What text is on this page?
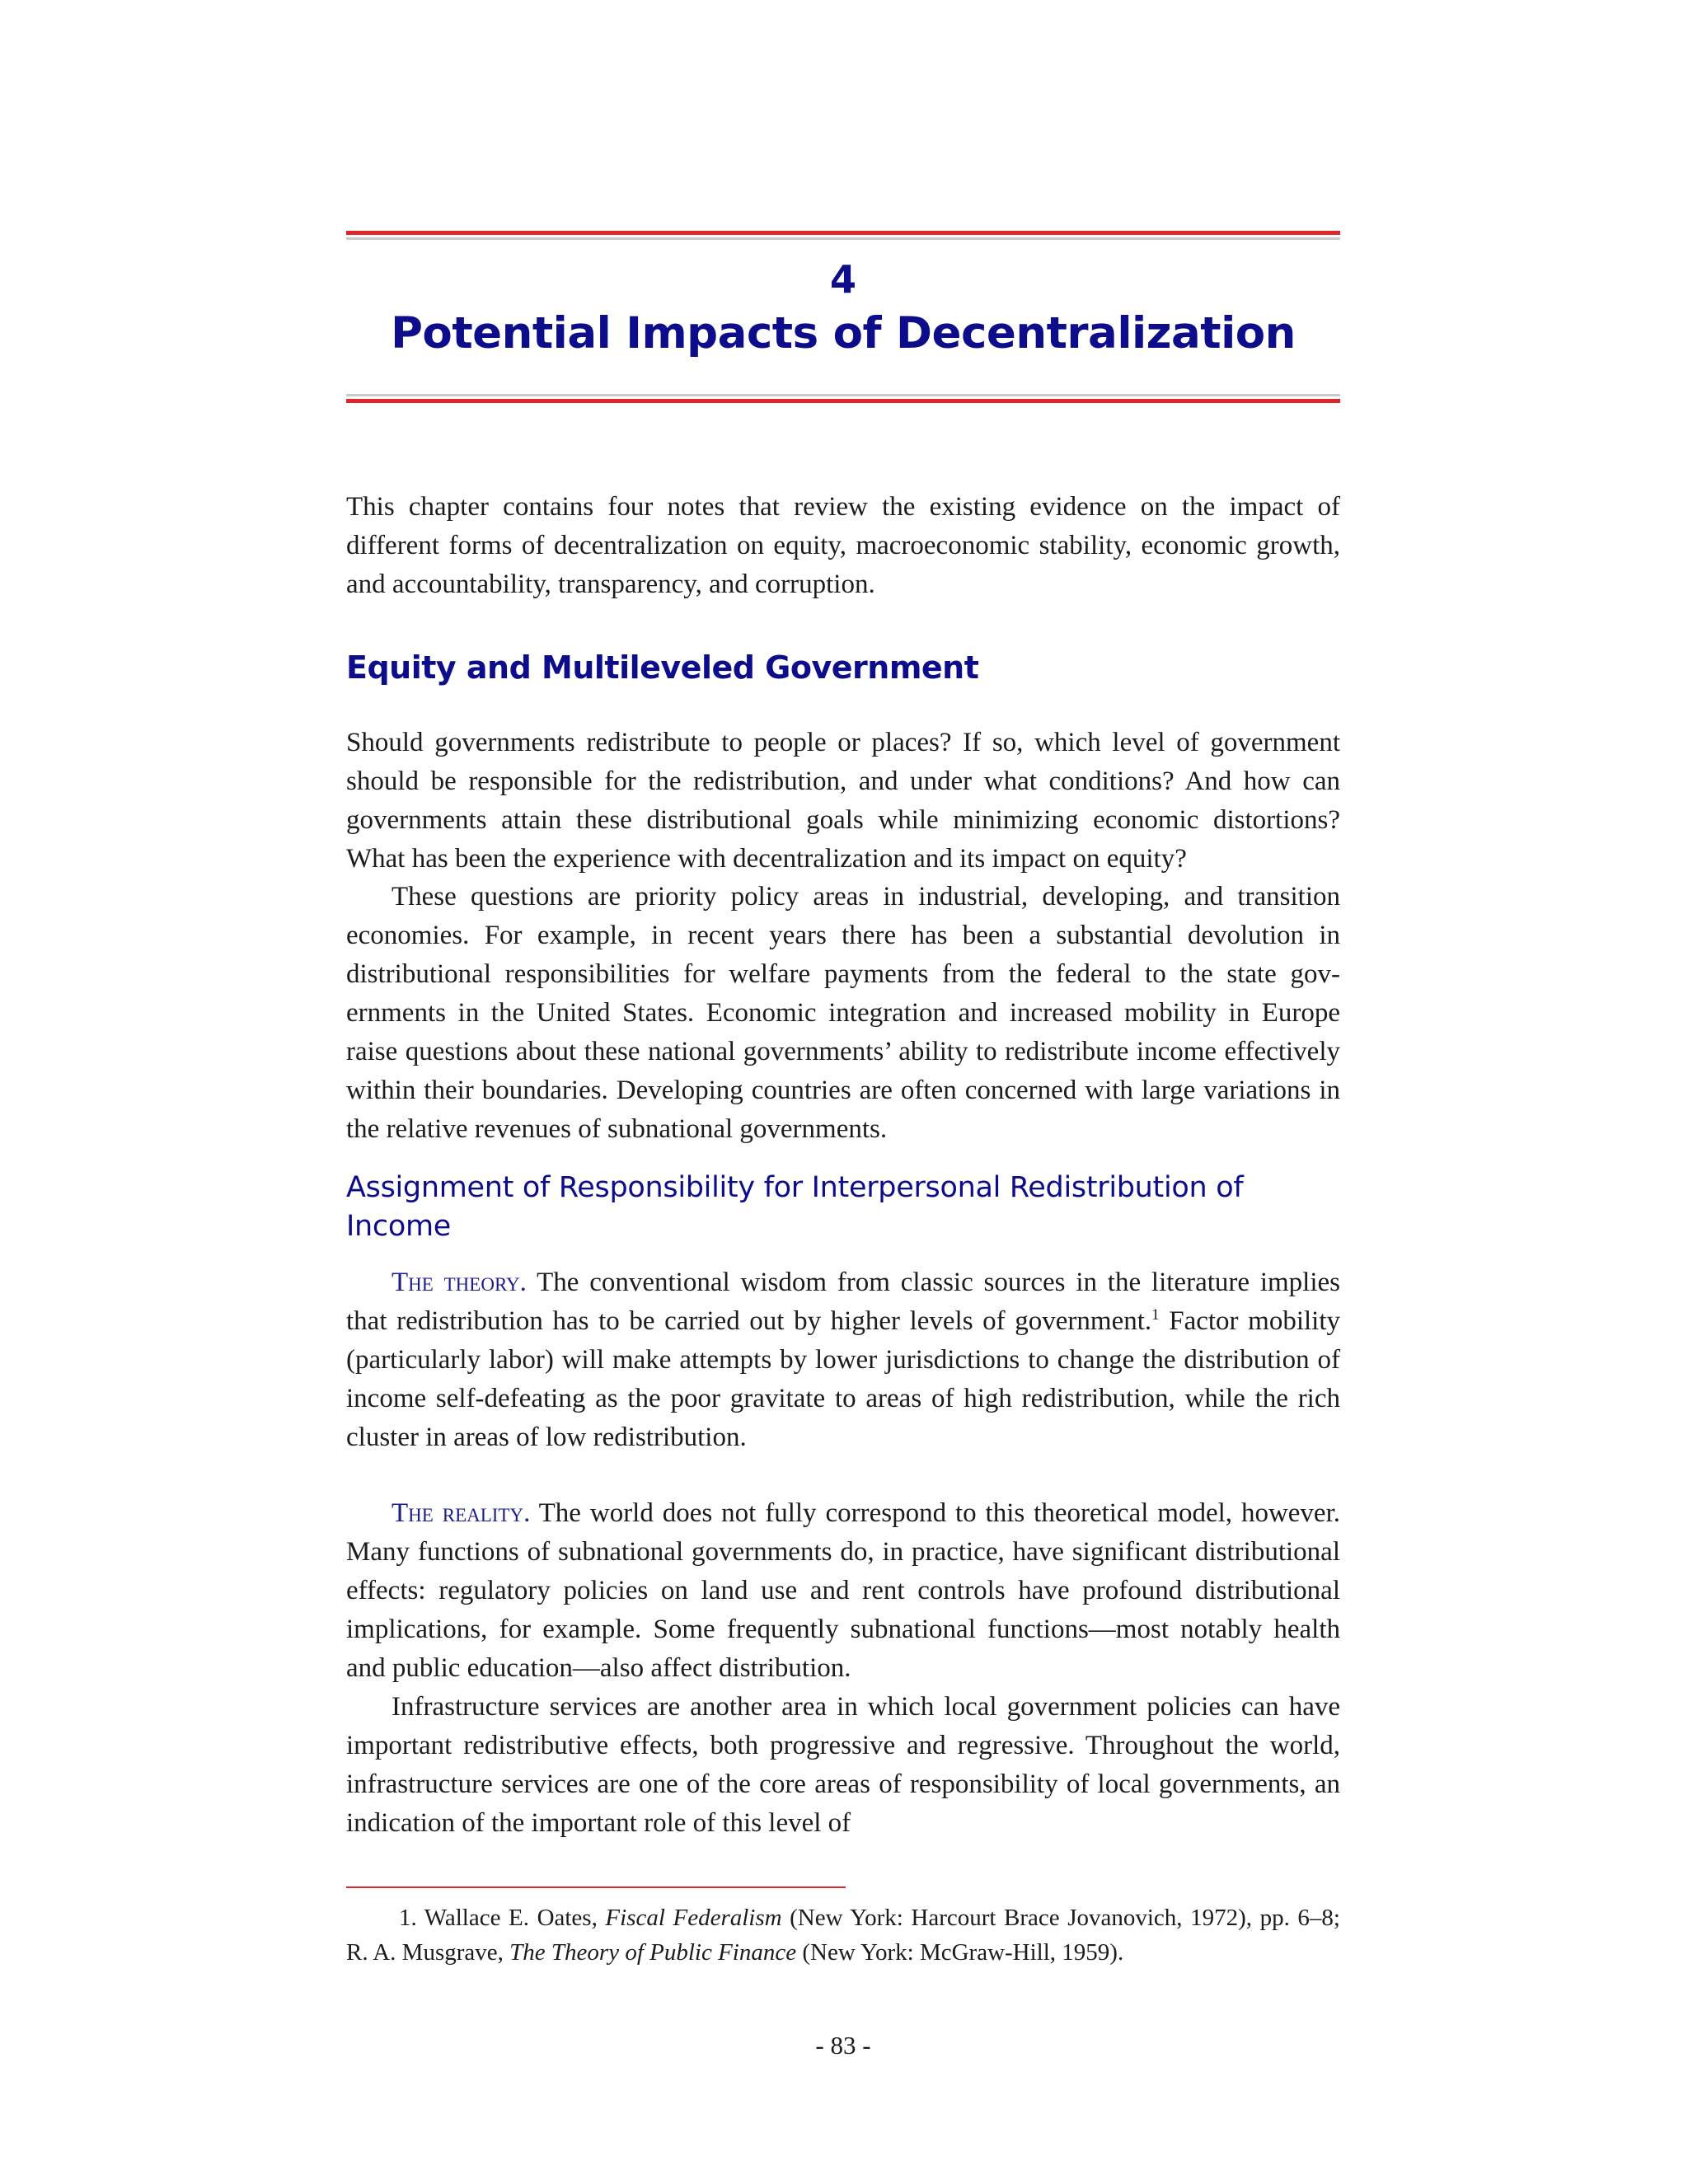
4
Potential Impacts of Decentralization

This chapter contains four notes that review the existing evidence on the impact of different forms of decentralization on equity, macroeconomic stability, economic growth, and accountability, transparency, and corruption.

Equity and Multileveled Government

Should governments redistribute to people or places? If so, which level of government should be responsible for the redistribution, and under what conditions? And how can governments attain these distributional goals while minimizing economic distortions? What has been the experience with decentralization and its impact on equity?

These questions are priority policy areas in industrial, developing, and transition economies. For example, in recent years there has been a substantial devolution in distributional responsibilities for welfare payments from the federal to the state governments in the United States. Economic integration and increased mobility in Europe raise questions about these national governments’ ability to redistribute income effectively within their boundaries. Developing countries are often concerned with large variations in the relative revenues of subnational governments.

Assignment of Responsibility for Interpersonal Redistribution of Income

The theory. The conventional wisdom from classic sources in the literature implies that redistribution has to be carried out by higher levels of government.$^1$ Factor mobility (particularly labor) will make attempts by lower jurisdictions to change the distribution of income self-defeating as the poor gravitate to areas of high redistribution, while the rich cluster in areas of low redistribution.

The reality. The world does not fully correspond to this theoretical model, however. Many functions of subnational governments do, in practice, have significant distributional effects: regulatory policies on land use and rent controls have profound distributional implications, for example. Some frequently subnational functions—most notably health and public education—also affect distribution.

Infrastructure services are another area in which local government policies can have important redistributive effects, both progressive and regressive. Throughout the world, infrastructure services are one of the core areas of responsibility of local governments, an indication of the important role of this level of

1. Wallace E. Oates, Fiscal Federalism (New York: Harcourt Brace Jovanovich, 1972), pp. 6–8; R. A. Musgrave, The Theory of Public Finance (New York: McGraw-Hill, 1959).

- 83 -
